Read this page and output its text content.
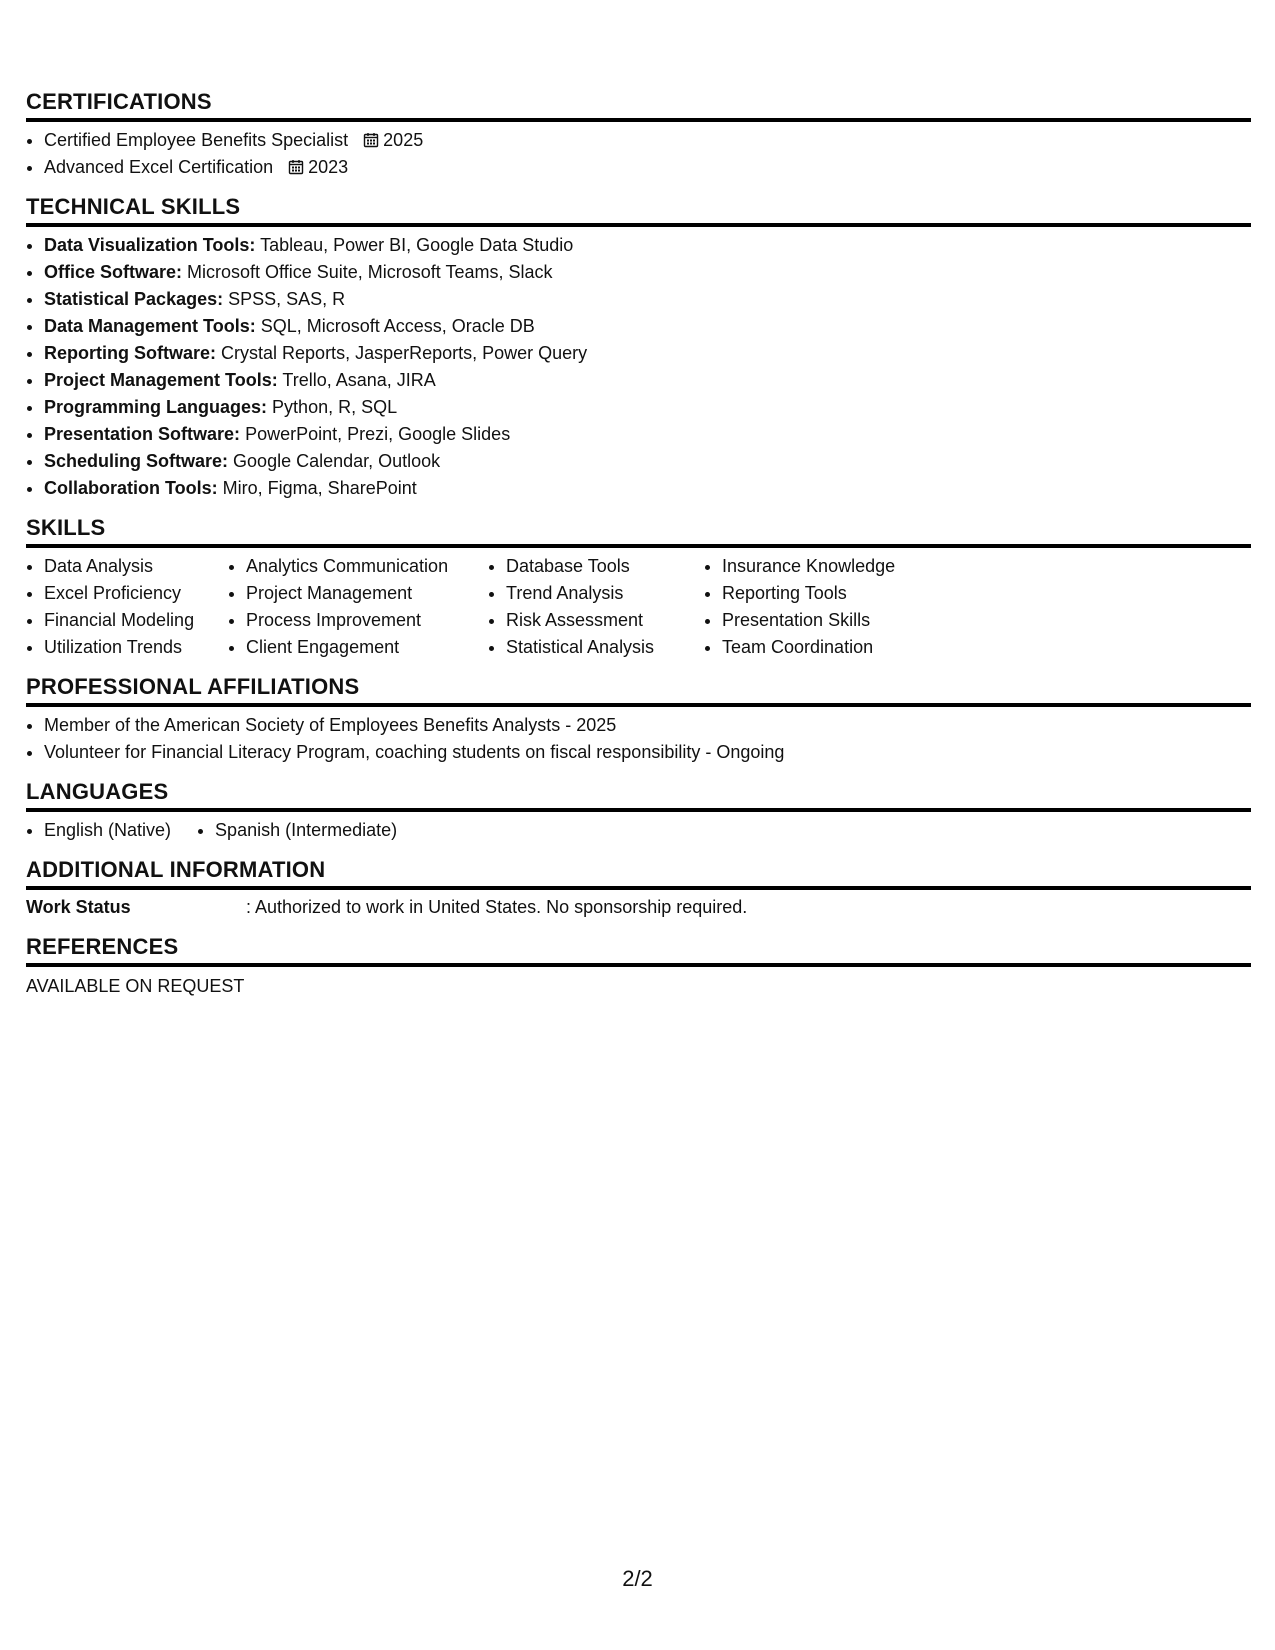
CERTIFICATIONS
• Certified Employee Benefits Specialist 2025
• Advanced Excel Certification 2023
TECHNICAL SKILLS
• Data Visualization Tools: Tableau, Power BI, Google Data Studio
• Office Software: Microsoft Office Suite, Microsoft Teams, Slack
• Statistical Packages: SPSS, SAS, R
• Data Management Tools: SQL, Microsoft Access, Oracle DB
• Reporting Software: Crystal Reports, JasperReports, Power Query
• Project Management Tools: Trello, Asana, JIRA
• Programming Languages: Python, R, SQL
• Presentation Software: PowerPoint, Prezi, Google Slides
• Scheduling Software: Google Calendar, Outlook
• Collaboration Tools: Miro, Figma, SharePoint
SKILLS
• Data Analysis
• Excel Proficiency
• Financial Modeling
• Utilization Trends
• Analytics Communication
• Project Management
• Process Improvement
• Client Engagement
• Database Tools
• Trend Analysis
• Risk Assessment
• Statistical Analysis
• Insurance Knowledge
• Reporting Tools
• Presentation Skills
• Team Coordination
PROFESSIONAL AFFILIATIONS
• Member of the American Society of Employees Benefits Analysts - 2025
• Volunteer for Financial Literacy Program, coaching students on fiscal responsibility - Ongoing
LANGUAGES
• English (Native)
• Spanish (Intermediate)
ADDITIONAL INFORMATION
Work Status	: Authorized to work in United States. No sponsorship required.
REFERENCES
AVAILABLE ON REQUEST
2/2
